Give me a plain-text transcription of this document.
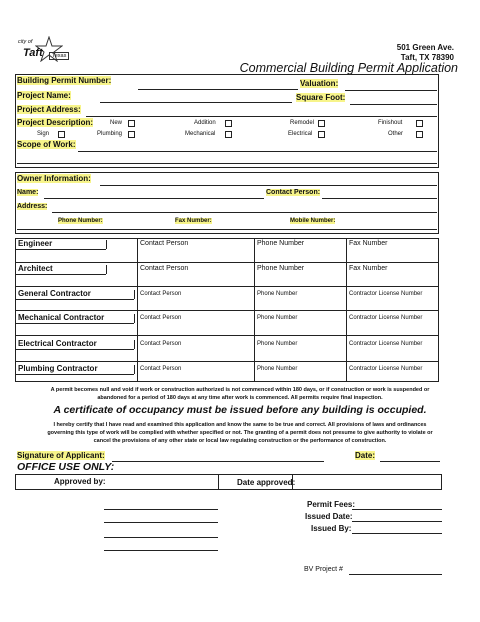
city of
Taft	Texas
501 Green Ave.
Taft, TX 78390
Commercial Building Permit Application
Building Permit Number:	Valuation:
Project Name:	Square Foot:
Project Address:
Project Description:	New	Addition	Remodel	Finishout
Sign	Plumbing	Mechanical	Electrical	Other
Scope of Work:
Owner Information:
Name:	Contact Person:
Address:
Phone Number:	Fax Number:	Mobile Number:
Engineer	Contact Person	Phone Number	Fax Number
Architect	Contact Person	Phone Number	Fax Number
General Contractor	Contact Person	Phone Number	Contractor License Number
Mechanical Contractor	Contact Person	Phone Number	Contractor License Number
Electrical Contractor	Contact Person	Phone Number	Contractor License Number
Plumbing Contractor	Contact Person	Phone Number	Contractor License Number
A permit becomes null and void if work or construction authorized is not commenced within 180 days, or if construction or work is suspended or
abandoned for a period of 180 days at any time after work is commenced. All permits require final inspection.
A certificate of occupancy must be issued before any building is occupied.
I hereby certify that I have read and examined this application and know the same to be true and correct. All provisions of laws and ordinances
governing this type of work will be complied with whether specified or not. The granting of a permit does not presume to give authority to violate or
cancel the provisions of any other state or local law regulating construction or the performance of construction.
Signature of Applicant:	Date:
OFFICE USE ONLY:
Approved by:	Date approved:
Permit Fees:
Issued Date:
Issued By:
BV Project #
